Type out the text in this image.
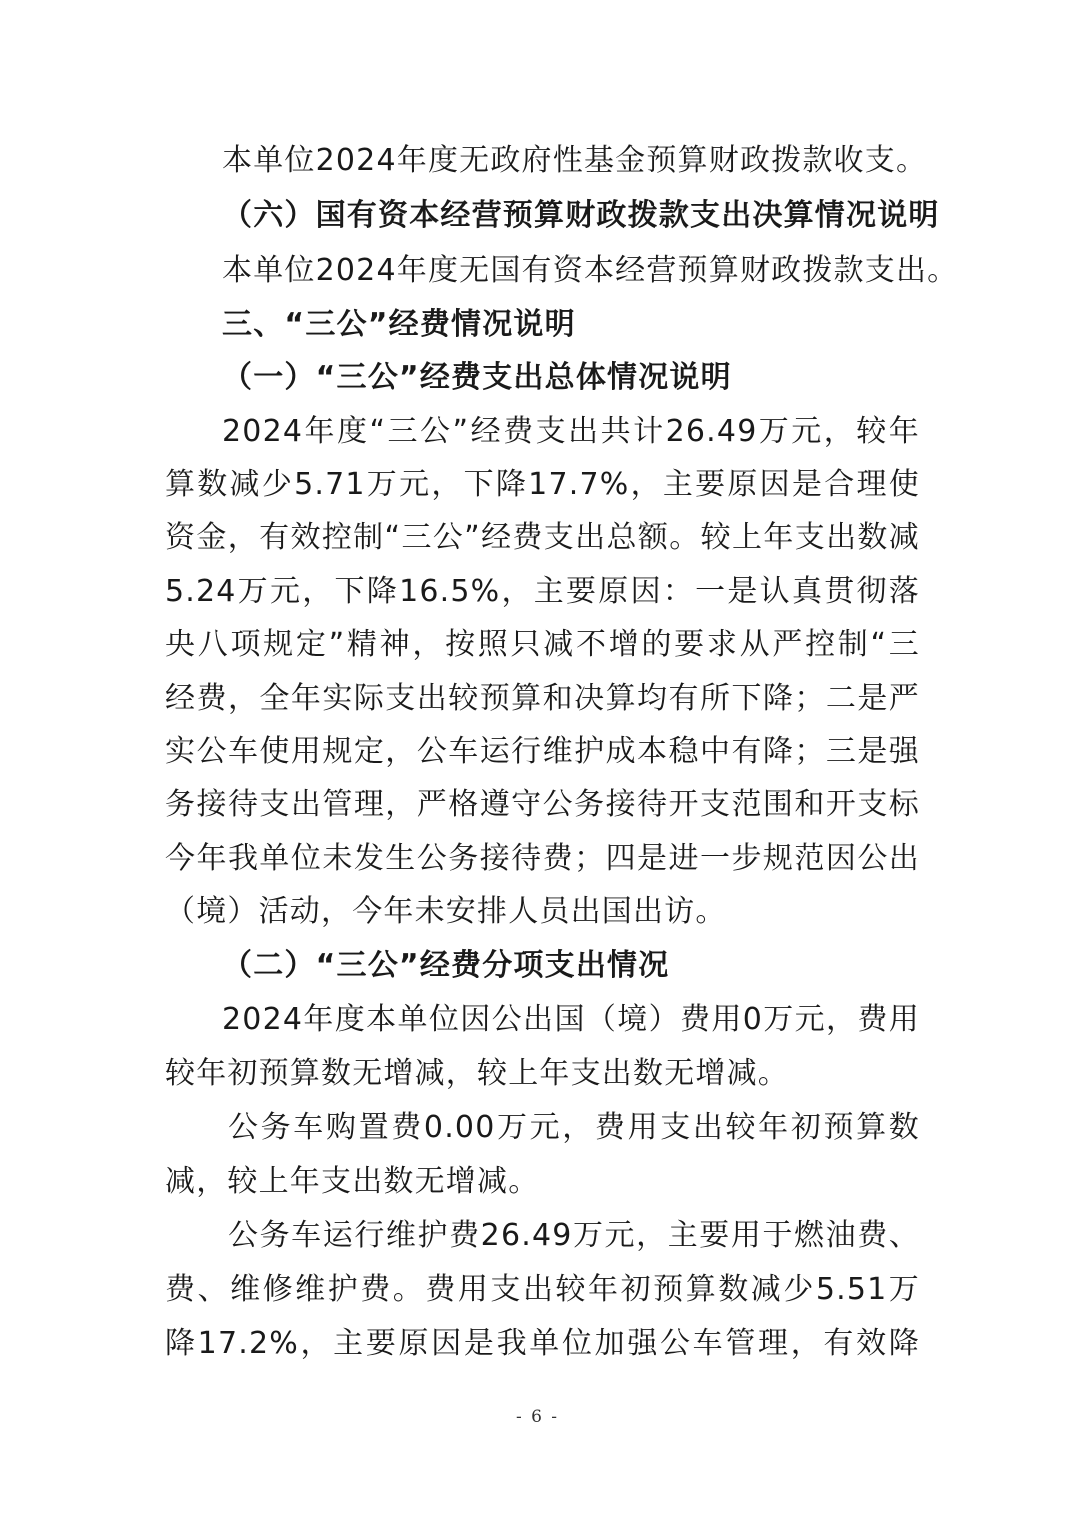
本单位2024年度无政府性基金预算财政拨款收支。
（六）国有资本经营预算财政拨款支出决算情况说明
本单位2024年度无国有资本经营预算财政拨款支出。
三、“三公”经费情况说明
（一）“三公”经费支出总体情况说明
2024年度“三公”经费支出共计26.49万元，较年
算数减少5.71万元，下降17.7%，主要原因是合理使
资金，有效控制“三公”经费支出总额。较上年支出数减
5.24万元，下降16.5%，主要原因：一是认真贯彻落
央八项规定”精神，按照只减不增的要求从严控制“三
经费，全年实际支出较预算和决算均有所下降；二是严
实公车使用规定，公车运行维护成本稳中有降；三是强
务接待支出管理，严格遵守公务接待开支范围和开支标
今年我单位未发生公务接待费；四是进一步规范因公出
（境）活动，今年未安排人员出国出访。
（二）“三公”经费分项支出情况
2024年度本单位因公出国（境）费用0万元，费用
较年初预算数无增减，较上年支出数无增减。
公务车购置费0.00万元，费用支出较年初预算数
减，较上年支出数无增减。
公务车运行维护费26.49万元，主要用于燃油费、
费、维修维护费。费用支出较年初预算数减少5.51万
降17.2%，主要原因是我单位加强公车管理，有效降
- 6 -
